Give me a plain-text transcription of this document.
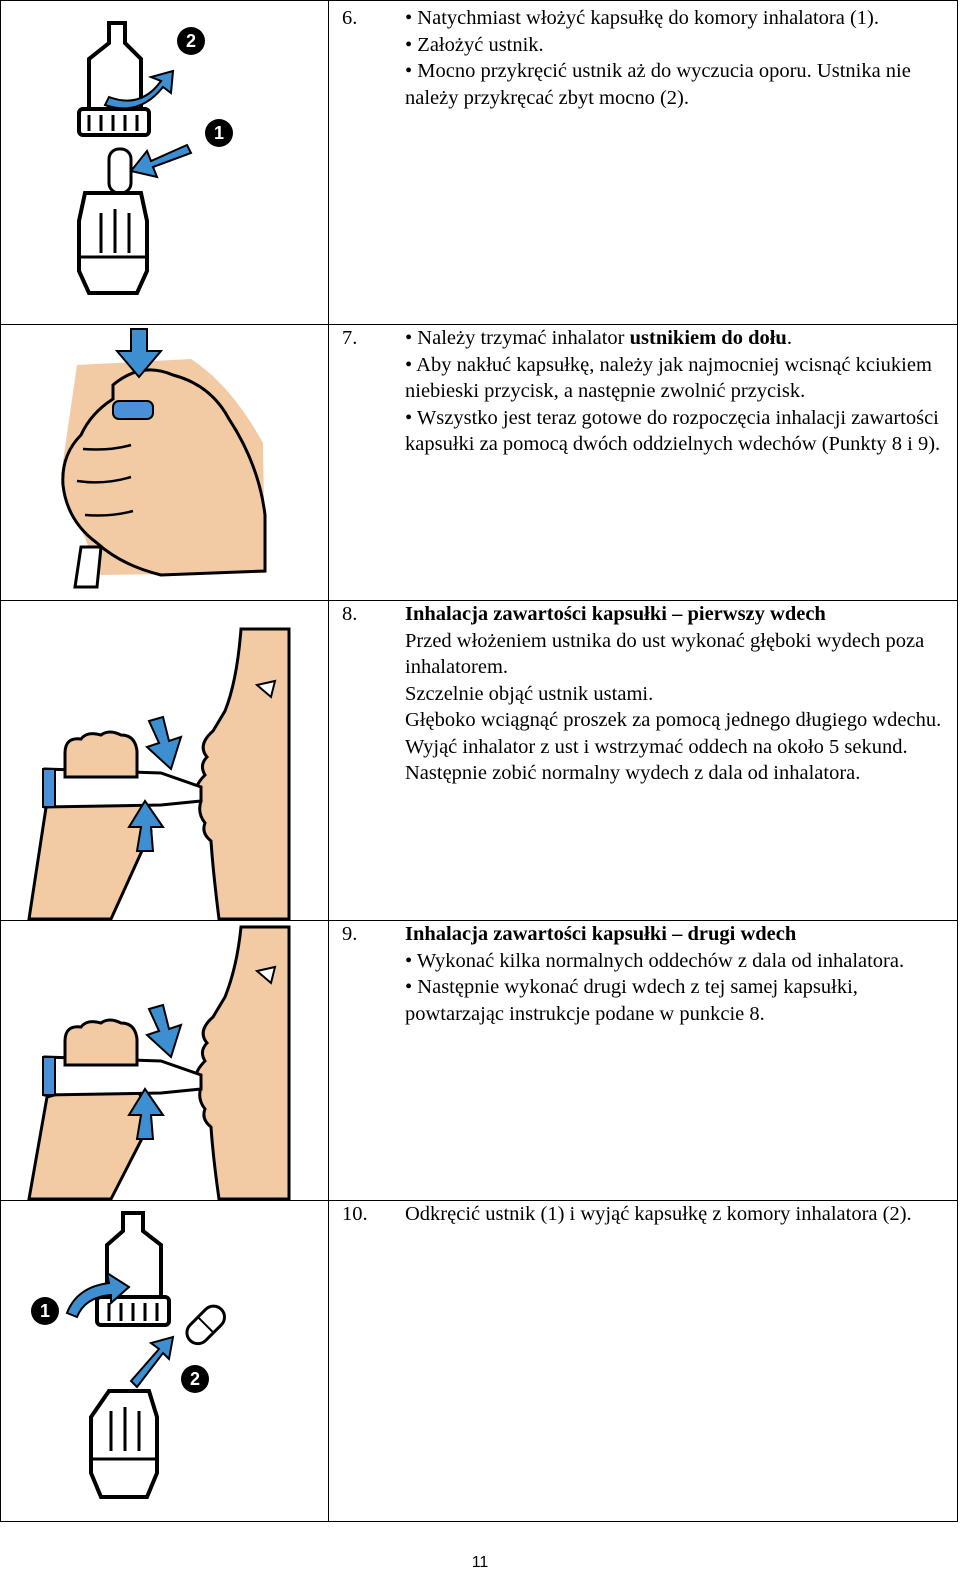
2
1
6. • Natychmiast włożyć kapsułkę do komory inhalatora (1).

• Założyć ustnik.

• Mocno przykręcić ustnik aż do wyczucia oporu. Ustnika nie należy przykręcać zbyt mocno (2).

7. • Należy trzymać inhalator ustnikiem do dołu.

• Aby nakłuć kapsułkę, należy jak najmocniej wcisnąć kciukiem niebieski przycisk, a następnie zwolnić przycisk.

• Wszystko jest teraz gotowe do rozpoczęcia inhalacji zawartości kapsułki za pomocą dwóch oddzielnych wdechów (Punkty 8 i 9).

8. Inhalacja zawartości kapsułki – pierwszy wdech

Przed włożeniem ustnika do ust wykonać głęboki wydech poza inhalatorem.

Szczelnie objąć ustnik ustami.

Głęboko wciągnąć proszek za pomocą jednego długiego wdechu.

Wyjąć inhalator z ust i wstrzymać oddech na około 5 sekund.

Następnie zobić normalny wydech z dala od inhalatora.

9. Inhalacja zawartości kapsułki – drugi wdech

• Wykonać kilka normalnych oddechów z dala od inhalatora.

• Następnie wykonać drugi wdech z tej samej kapsułki, powtarzając instrukcje podane w punkcie 8.

1
2
10. Odkręcić ustnik (1) i wyjąć kapsułkę z komory inhalatora (2).

11
